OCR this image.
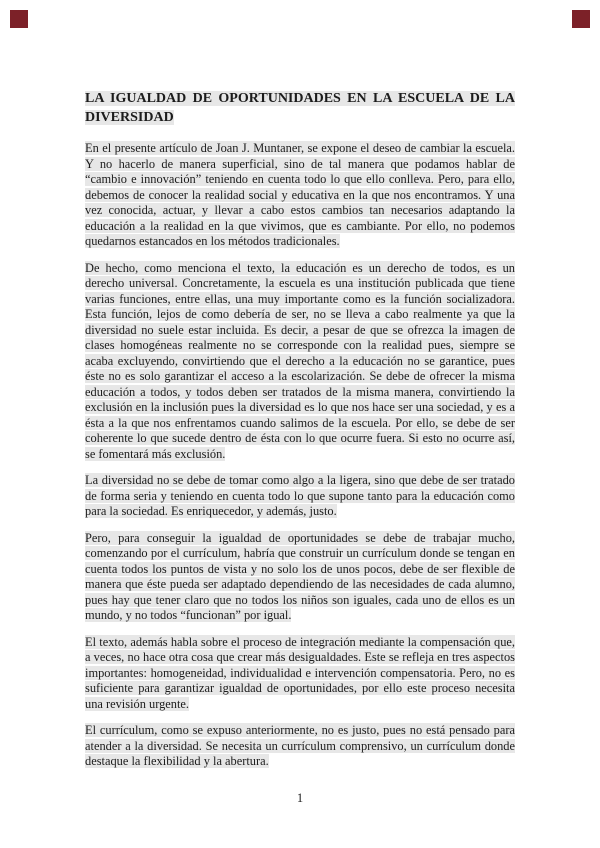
LA IGUALDAD DE OPORTUNIDADES EN LA ESCUELA DE LA DIVERSIDAD

En el presente artículo de Joan J. Muntaner, se expone el deseo de cambiar la escuela. Y no hacerlo de manera superficial, sino de tal manera que podamos hablar de “cambio e innovación” teniendo en cuenta todo lo que ello conlleva. Pero, para ello, debemos de conocer la realidad social y educativa en la que nos encontramos. Y una vez conocida, actuar, y llevar a cabo estos cambios tan necesarios adaptando la educación a la realidad en la que vivimos, que es cambiante. Por ello, no podemos quedarnos estancados en los métodos tradicionales.

De hecho, como menciona el texto, la educación es un derecho de todos, es un derecho universal. Concretamente, la escuela es una institución publicada que tiene varias funciones, entre ellas, una muy importante como es la función socializadora. Esta función, lejos de como debería de ser, no se lleva a cabo realmente ya que la diversidad no suele estar incluida. Es decir, a pesar de que se ofrezca la imagen de clases homogéneas realmente no se corresponde con la realidad pues, siempre se acaba excluyendo, convirtiendo que el derecho a la educación no se garantice, pues éste no es solo garantizar el acceso a la escolarización. Se debe de ofrecer la misma educación a todos, y todos deben ser tratados de la misma manera, convirtiendo la exclusión en la inclusión pues la diversidad es lo que nos hace ser una sociedad, y es a ésta a la que nos enfrentamos cuando salimos de la escuela. Por ello, se debe de ser coherente lo que sucede dentro de ésta con lo que ocurre fuera. Si esto no ocurre así, se fomentará más exclusión.

La diversidad no se debe de tomar como algo a la ligera, sino que debe de ser tratado de forma seria y teniendo en cuenta todo lo que supone tanto para la educación como para la sociedad. Es enriquecedor, y además, justo.

Pero, para conseguir la igualdad de oportunidades se debe de trabajar mucho, comenzando por el currículum, habría que construir un currículum donde se tengan en cuenta todos los puntos de vista y no solo los de unos pocos, debe de ser flexible de manera que éste pueda ser adaptado dependiendo de las necesidades de cada alumno, pues hay que tener claro que no todos los niños son iguales, cada uno de ellos es un mundo, y no todos “funcionan” por igual.

El texto, además habla sobre el proceso de integración mediante la compensación que, a veces, no hace otra cosa que crear más desigualdades. Este se refleja en tres aspectos importantes: homogeneidad, individualidad e intervención compensatoria. Pero, no es suficiente para garantizar igualdad de oportunidades, por ello este proceso necesita una revisión urgente.

El currículum, como se expuso anteriormente, no es justo, pues no está pensado para atender a la diversidad. Se necesita un currículum comprensivo, un currículum donde destaque la flexibilidad y la abertura.

1
